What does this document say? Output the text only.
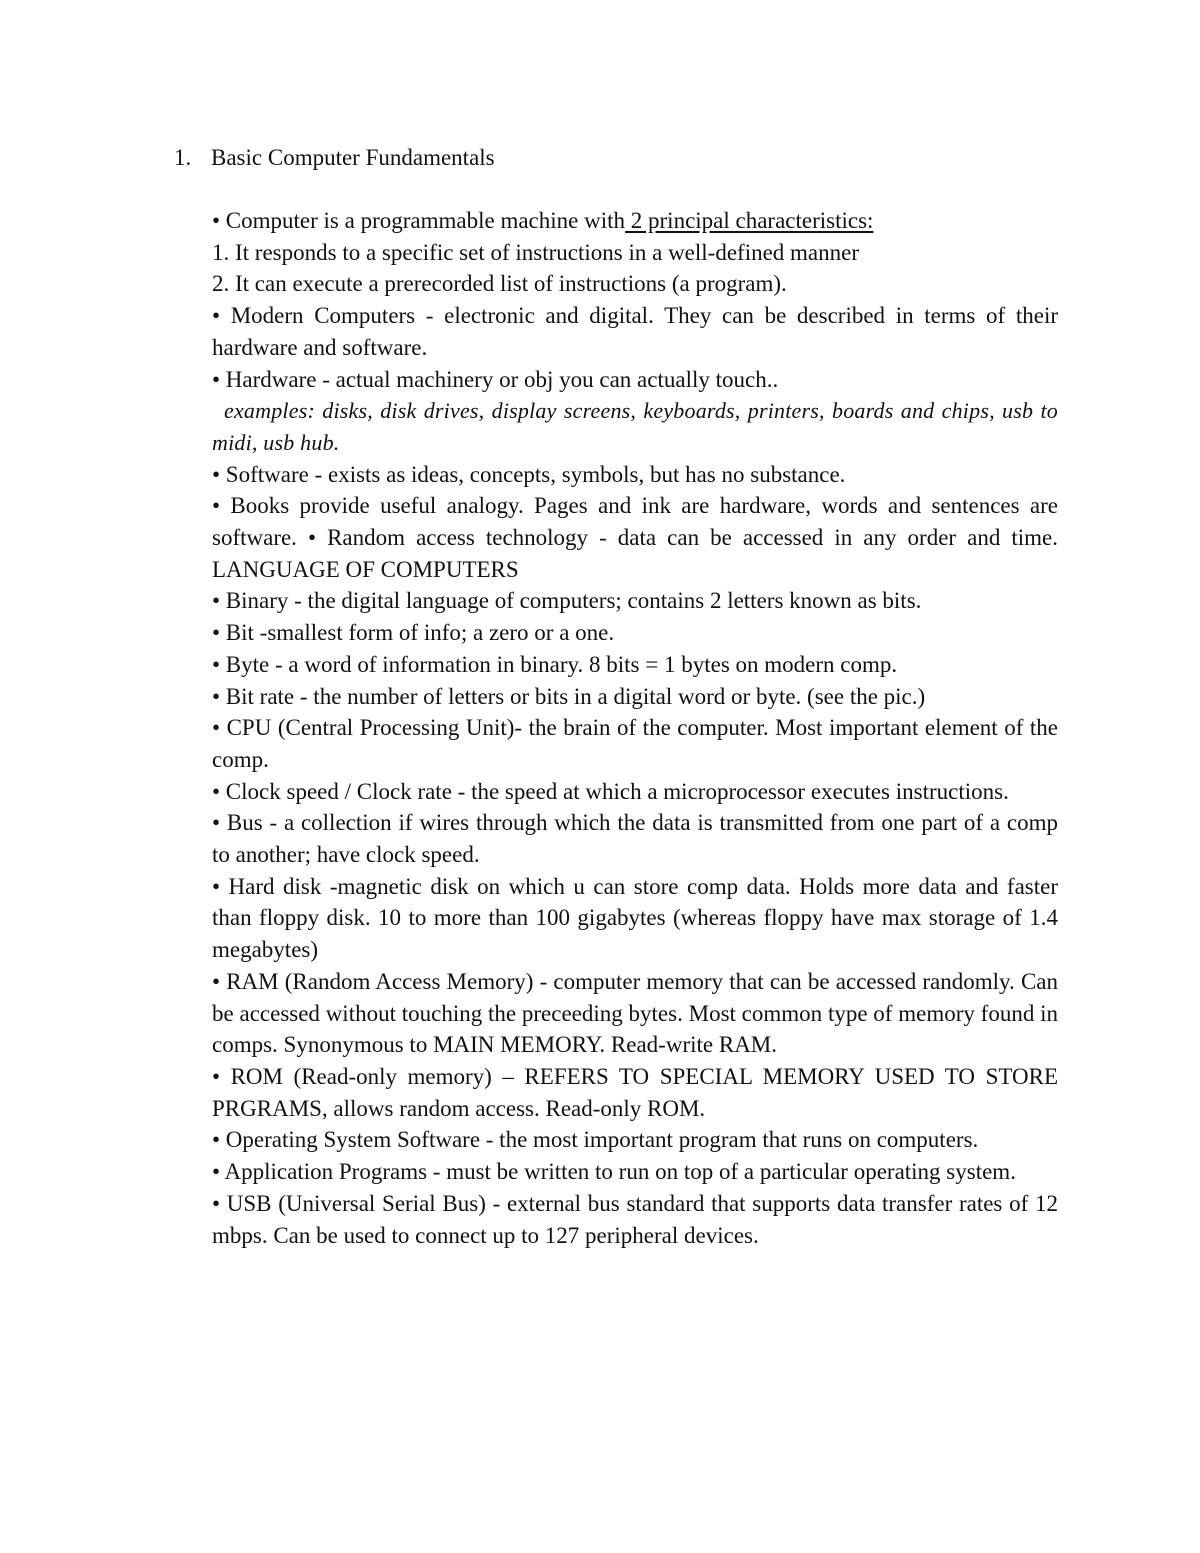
1. Basic Computer Fundamentals

• Computer is a programmable machine with 2 principal characteristics:

1. It responds to a specific set of instructions in a well-defined manner

2. It can execute a prerecorded list of instructions (a program).

• Modern Computers - electronic and digital. They can be described in terms of their hardware and software.

• Hardware - actual machinery or obj you can actually touch..

examples: disks, disk drives, display screens, keyboards, printers, boards and chips, usb to midi, usb hub.

• Software - exists as ideas, concepts, symbols, but has no substance.

• Books provide useful analogy. Pages and ink are hardware, words and sentences are software. • Random access technology - data can be accessed in any order and time. LANGUAGE OF COMPUTERS

• Binary - the digital language of computers; contains 2 letters known as bits.

• Bit -smallest form of info; a zero or a one.

• Byte - a word of information in binary. 8 bits = 1 bytes on modern comp.

• Bit rate - the number of letters or bits in a digital word or byte. (see the pic.)

• CPU (Central Processing Unit)- the brain of the computer. Most important element of the comp.

• Clock speed / Clock rate - the speed at which a microprocessor executes instructions.

• Bus - a collection if wires through which the data is transmitted from one part of a comp to another; have clock speed.

• Hard disk -magnetic disk on which u can store comp data. Holds more data and faster than floppy disk. 10 to more than 100 gigabytes (whereas floppy have max storage of 1.4 megabytes)

• RAM (Random Access Memory) - computer memory that can be accessed randomly. Can be accessed without touching the preceeding bytes. Most common type of memory found in comps. Synonymous to MAIN MEMORY. Read-write RAM.

• ROM (Read-only memory) – REFERS TO SPECIAL MEMORY USED TO STORE PRGRAMS, allows random access. Read-only ROM.

• Operating System Software - the most important program that runs on computers.

• Application Programs - must be written to run on top of a particular operating system.

• USB (Universal Serial Bus) - external bus standard that supports data transfer rates of 12 mbps. Can be used to connect up to 127 peripheral devices.
